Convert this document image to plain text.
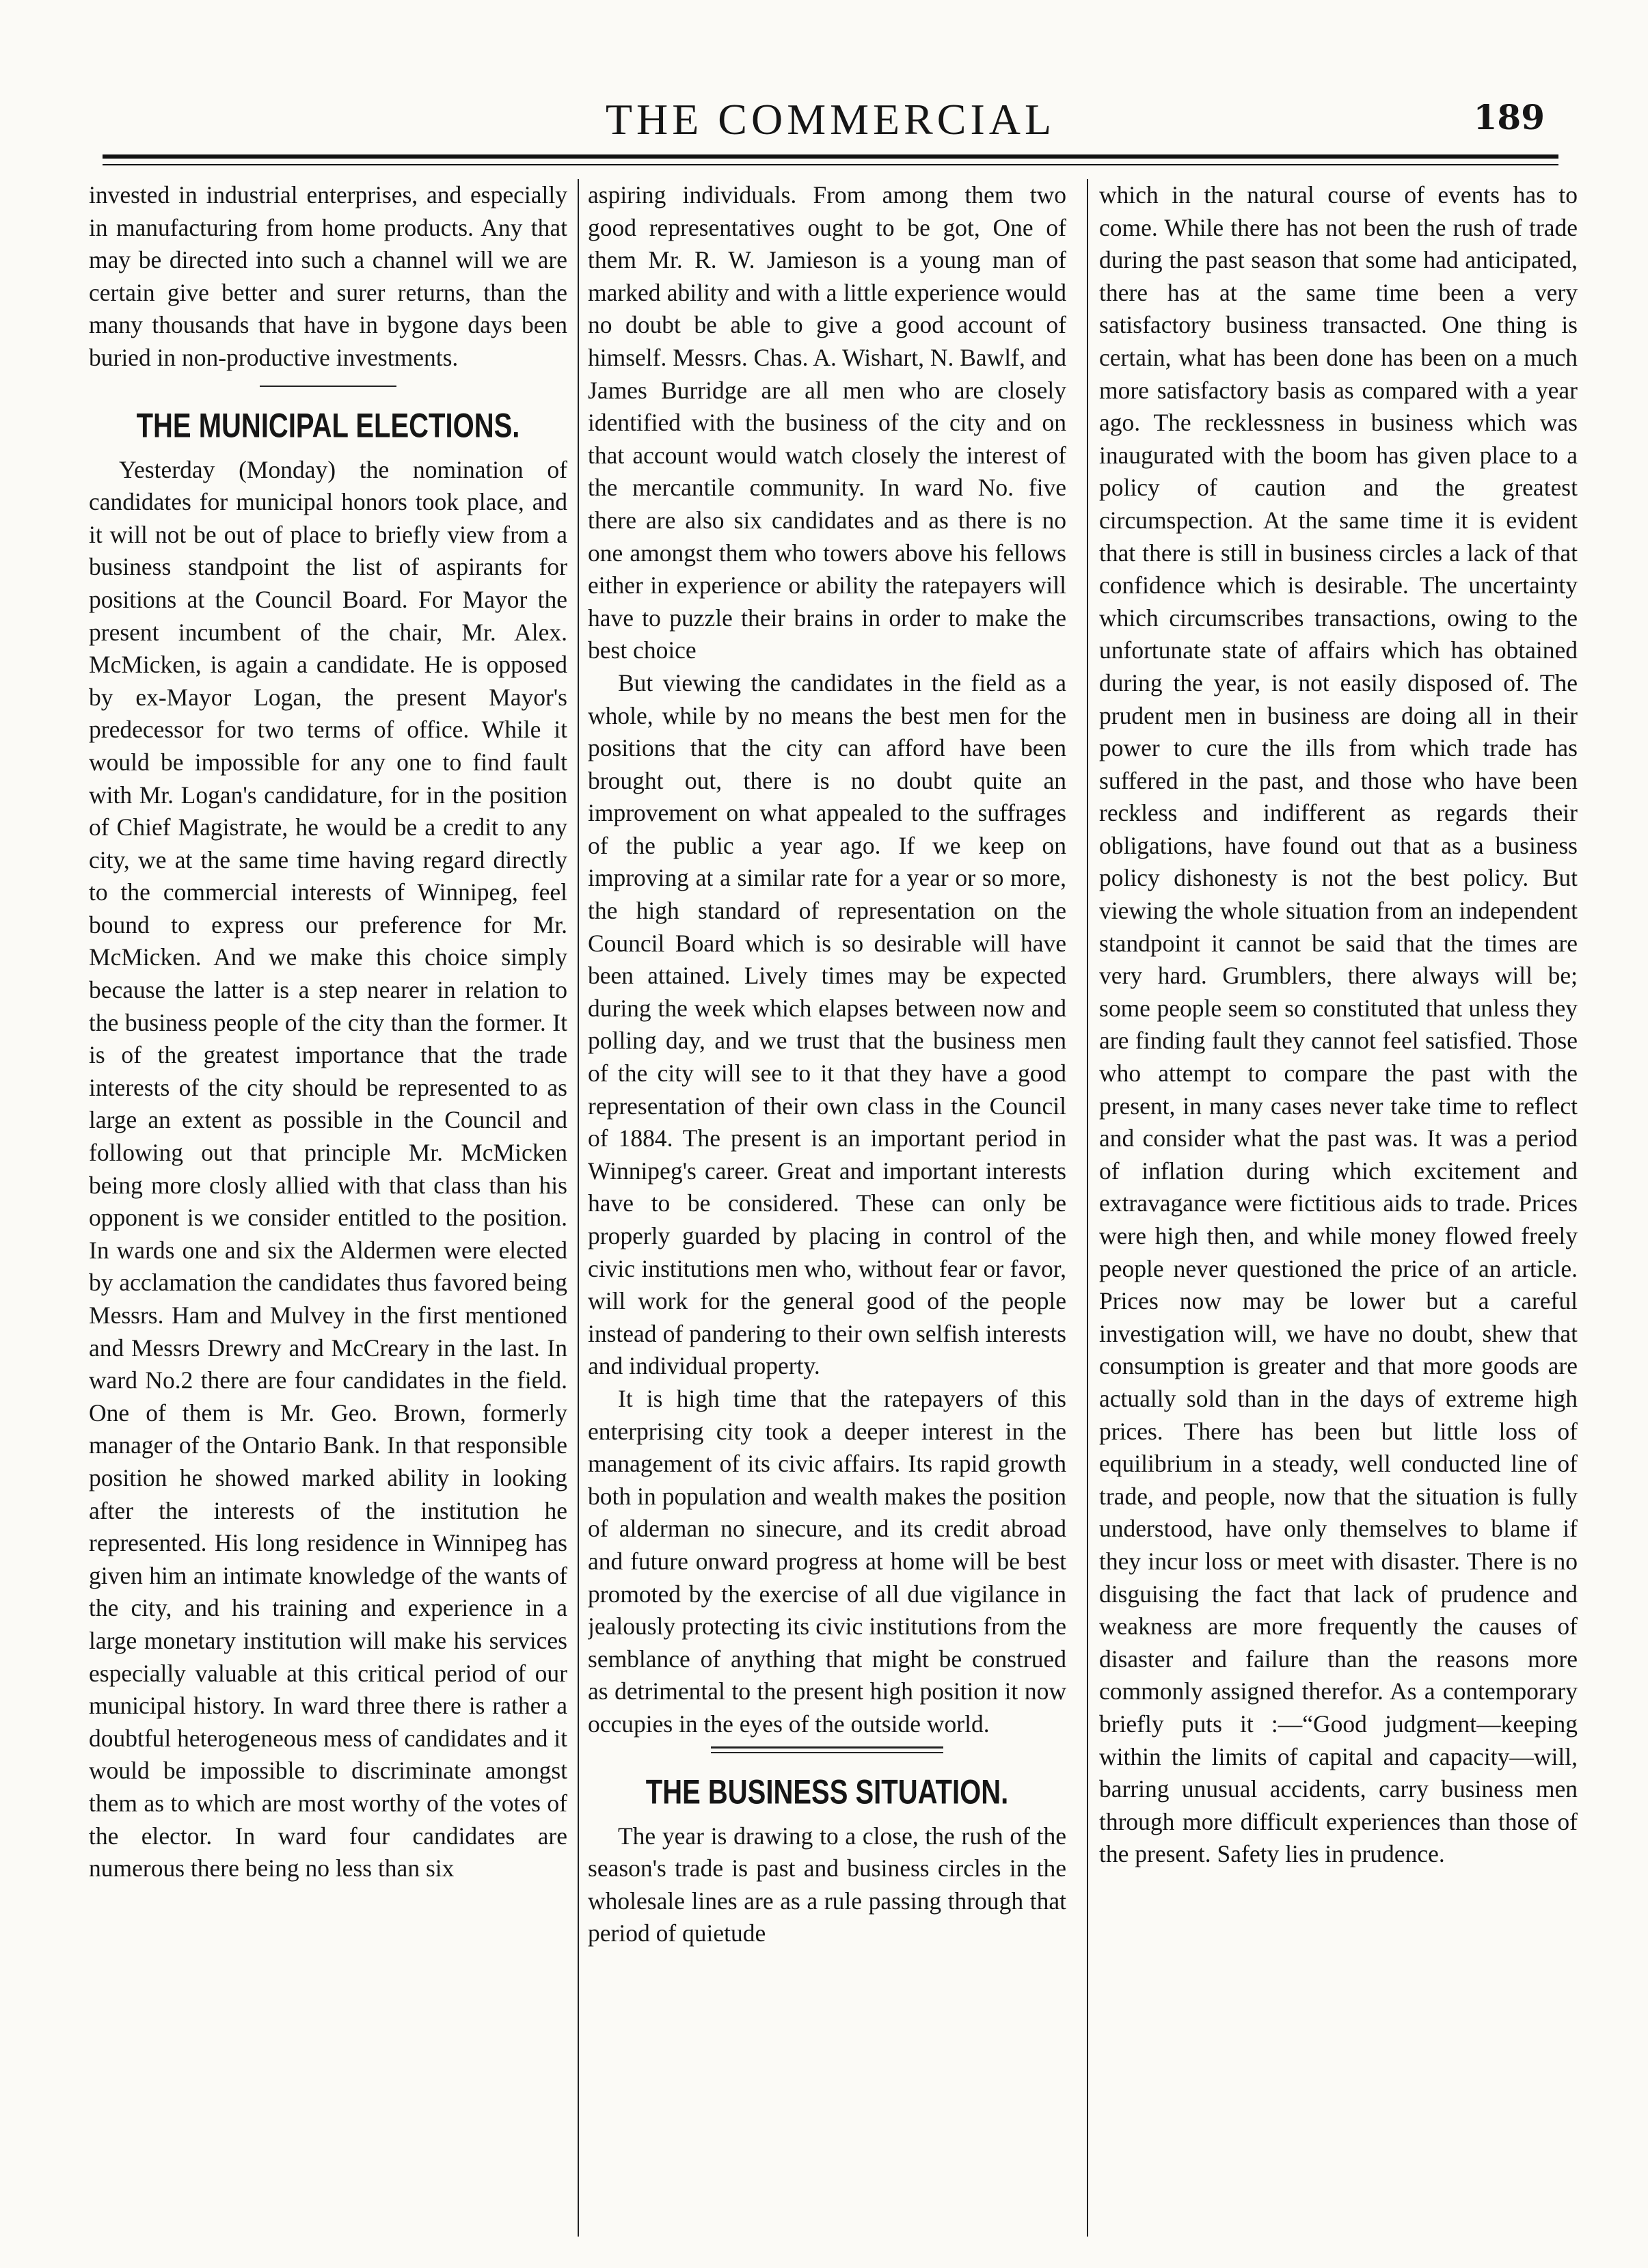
THE COMMERCIAL	189

invested in industrial enterprises, and especially in manufacturing from home products. Any that may be directed into such a channel will we are certain give better and surer returns, than the many thousands that have in bygone days been buried in non-productive investments.

THE MUNICIPAL ELECTIONS.

Yesterday (Monday) the nomination of candidates for municipal honors took place, and it will not be out of place to briefly view from a business standpoint the list of aspirants for positions at the Council Board. For Mayor the present incumbent of the chair, Mr. Alex. McMicken, is again a candidate. He is opposed by ex-Mayor Logan, the present Mayor's predecessor for two terms of office. While it would be impossible for any one to find fault with Mr. Logan's candidature, for in the position of Chief Magistrate, he would be a credit to any city, we at the same time having regard directly to the commercial interests of Winnipeg, feel bound to express our preference for Mr. McMicken. And we make this choice simply because the latter is a step nearer in relation to the business people of the city than the former. It is of the greatest importance that the trade interests of the city should be represented to as large an extent as possible in the Council and following out that principle Mr. McMicken being more closly allied with that class than his opponent is we consider entitled to the position. In wards one and six the Aldermen were elected by acclamation the candidates thus favored being Messrs. Ham and Mulvey in the first mentioned and Messrs Drewry and McCreary in the last. In ward No.2 there are four candidates in the field. One of them is Mr. Geo. Brown, formerly manager of the Ontario Bank. In that responsible position he showed marked ability in looking after the interests of the institution he represented. His long residence in Winnipeg has given him an intimate knowledge of the wants of the city, and his training and experience in a large monetary institution will make his services especially valuable at this critical period of our municipal history. In ward three there is rather a doubtful heterogeneous mess of candidates and it would be impossible to discriminate amongst them as to which are most worthy of the votes of the elector. In ward four candidates are numerous there being no less than six

aspiring individuals. From among them two good representatives ought to be got, One of them Mr. R. W. Jamieson is a young man of marked ability and with a little experience would no doubt be able to give a good account of himself. Messrs. Chas. A. Wishart, N. Bawlf, and James Burridge are all men who are closely identified with the business of the city and on that account would watch closely the interest of the mercantile community. In ward No. five there are also six candidates and as there is no one amongst them who towers above his fellows either in experience or ability the ratepayers will have to puzzle their brains in order to make the best choice

But viewing the candidates in the field as a whole, while by no means the best men for the positions that the city can afford have been brought out, there is no doubt quite an improvement on what appealed to the suffrages of the public a year ago. If we keep on improving at a similar rate for a year or so more, the high standard of representation on the Council Board which is so desirable will have been attained. Lively times may be expected during the week which elapses between now and polling day, and we trust that the business men of the city will see to it that they have a good representation of their own class in the Council of 1884. The present is an important period in Winnipeg's career. Great and important interests have to be considered. These can only be properly guarded by placing in control of the civic institutions men who, without fear or favor, will work for the general good of the people instead of pandering to their own selfish interests and individual property.

It is high time that the ratepayers of this enterprising city took a deeper interest in the management of its civic affairs. Its rapid growth both in population and wealth makes the position of alderman no sinecure, and its credit abroad and future onward progress at home will be best promoted by the exercise of all due vigilance in jealously protecting its civic institutions from the semblance of anything that might be construed as detrimental to the present high position it now occupies in the eyes of the outside world.

THE BUSINESS SITUATION.

The year is drawing to a close, the rush of the season's trade is past and business circles in the wholesale lines are as a rule passing through that period of quietude

which in the natural course of events has to come. While there has not been the rush of trade during the past season that some had anticipated, there has at the same time been a very satisfactory business transacted. One thing is certain, what has been done has been on a much more satisfactory basis as compared with a year ago. The recklessness in business which was inaugurated with the boom has given place to a policy of caution and the greatest circumspection. At the same time it is evident that there is still in business circles a lack of that confidence which is desirable. The uncertainty which circumscribes transactions, owing to the unfortunate state of affairs which has obtained during the year, is not easily disposed of. The prudent men in business are doing all in their power to cure the ills from which trade has suffered in the past, and those who have been reckless and indifferent as regards their obligations, have found out that as a business policy dishonesty is not the best policy. But viewing the whole situation from an independent standpoint it cannot be said that the times are very hard. Grumblers, there always will be; some people seem so constituted that unless they are finding fault they cannot feel satisfied. Those who attempt to compare the past with the present, in many cases never take time to reflect and consider what the past was. It was a period of inflation during which excitement and extravagance were fictitious aids to trade. Prices were high then, and while money flowed freely people never questioned the price of an article. Prices now may be lower but a careful investigation will, we have no doubt, shew that consumption is greater and that more goods are actually sold than in the days of extreme high prices. There has been but little loss of equilibrium in a steady, well conducted line of trade, and people, now that the situation is fully understood, have only themselves to blame if they incur loss or meet with disaster. There is no disguising the fact that lack of prudence and weakness are more frequently the causes of disaster and failure than the reasons more commonly assigned therefor. As a contemporary briefly puts it :—“Good judgment—keeping within the limits of capital and capacity—will, barring unusual accidents, carry business men through more difficult experiences than those of the present. Safety lies in prudence.
